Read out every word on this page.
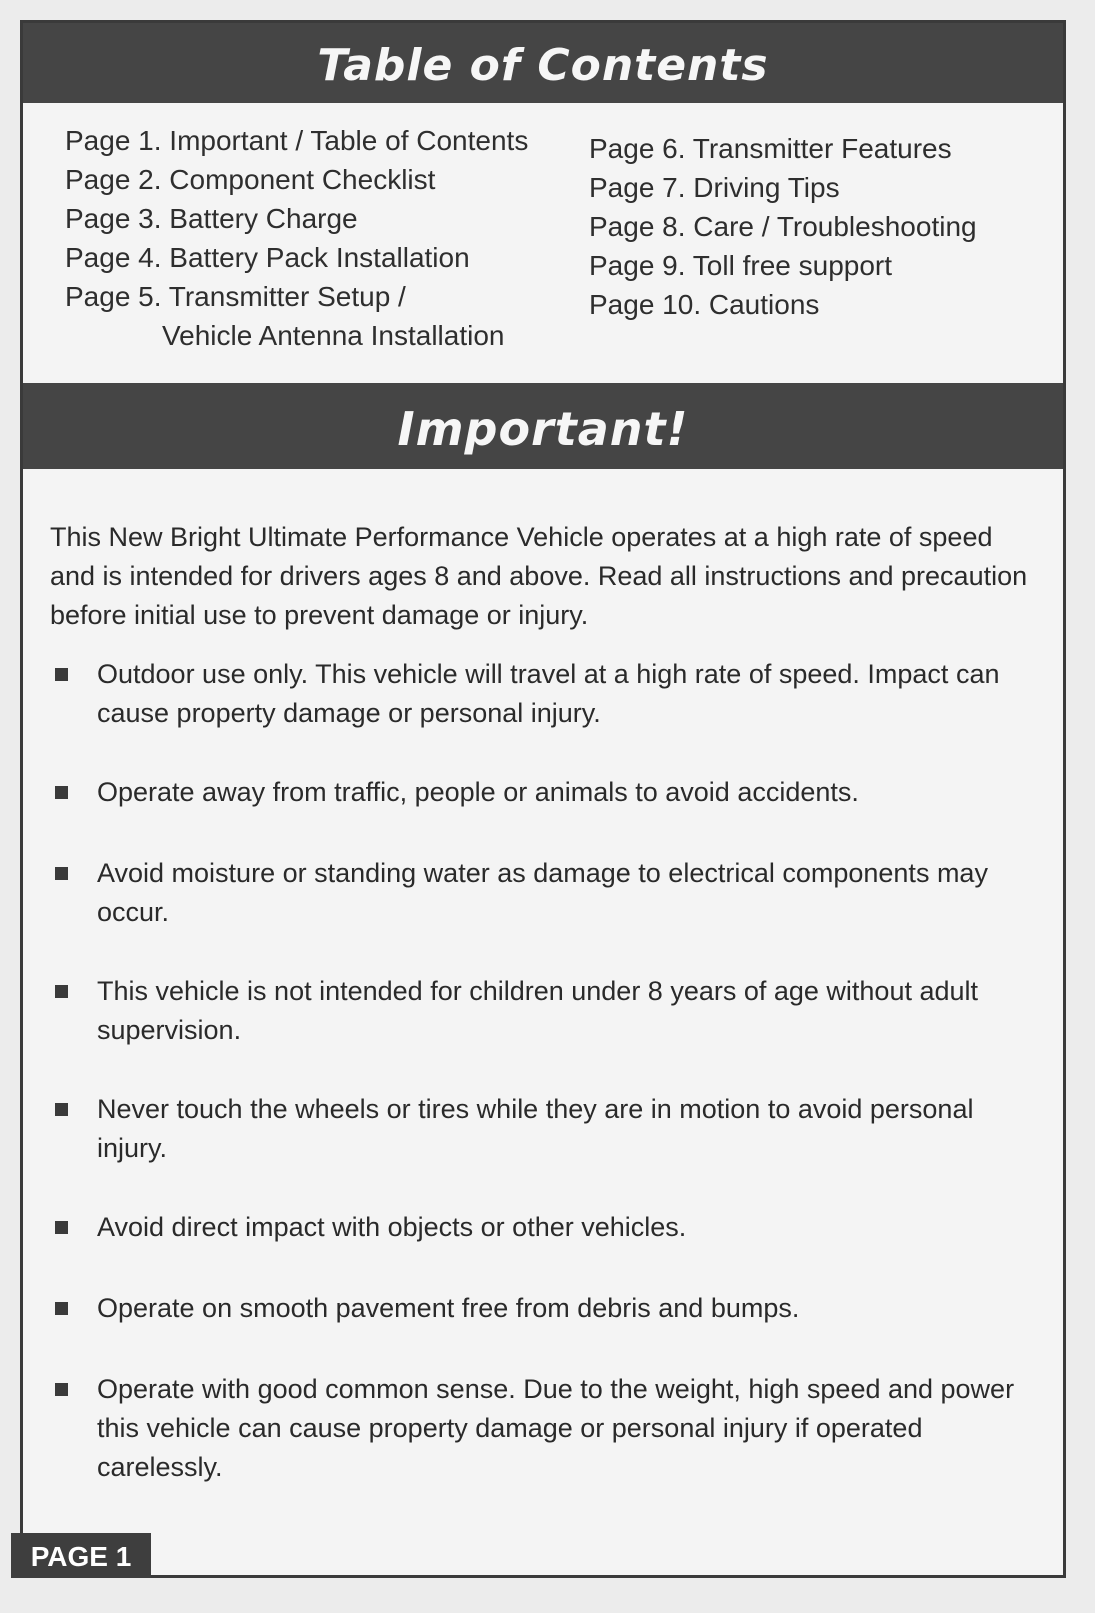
Table of Contents
Page 1. Important / Table of Contents
Page 2. Component Checklist
Page 3. Battery Charge
Page 4. Battery Pack Installation
Page 5. Transmitter Setup /
Vehicle Antenna Installation
Page 6. Transmitter Features
Page 7. Driving Tips
Page 8. Care / Troubleshooting
Page 9. Toll free support
Page 10. Cautions
Important!

This New Bright Ultimate Performance Vehicle operates at a high rate of speed and is intended for drivers ages 8 and above. Read all instructions and precaution before initial use to prevent damage or injury.

Outdoor use only. This vehicle will travel at a high rate of speed. Impact can cause property damage or personal injury.
Operate away from traffic, people or animals to avoid accidents.
Avoid moisture or standing water as damage to electrical components may occur.
This vehicle is not intended for children under 8 years of age without adult supervision.
Never touch the wheels or tires while they are in motion to avoid personal injury.
Avoid direct impact with objects or other vehicles.
Operate on smooth pavement free from debris and bumps.
Operate with good common sense. Due to the weight, high speed and power this vehicle can cause property damage or personal injury if operated carelessly.
PAGE 1
